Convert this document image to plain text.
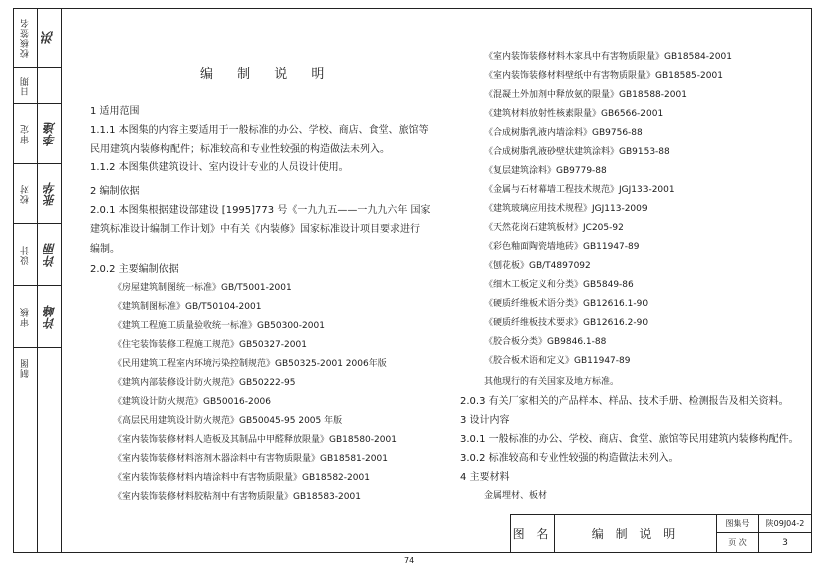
校核签名 洪
日期
审定 李逢
校对 张华
设计 许丽
审核 许峰
制图
编 制 说 明
1 适用范围
1.1.1 本图集的内容主要适用于一般标准的办公、学校、商店、食堂、旅馆等
民用建筑内装修构配件；标准较高和专业性较强的构造做法未列入。
1.1.2 本图集供建筑设计、室内设计专业的人员设计使用。
2 编制依据
2.0.1 本图集根据建设部建设 [1995]773 号《一九九五——一九九六年 国家
建筑标准设计编制工作计划》中有关《内装修》国家标准设计项目要求进行
编制。
2.0.2 主要编制依据
《房屋建筑制图统一标准》GB/T5001-2001
《建筑制图标准》GB/T50104-2001
《建筑工程施工质量验收统一标准》GB50300-2001
《住宅装饰装修工程施工规范》GB50327-2001
《民用建筑工程室内环境污染控制规范》GB50325-2001 2006年版
《建筑内部装修设计防火规范》GB50222-95
《建筑设计防火规范》GB50016-2006
《高层民用建筑设计防火规范》GB50045-95 2005 年版
《室内装饰装修材料人造板及其制品中甲醛释放限量》GB18580-2001
《室内装饰装修材料溶剂木器涂料中有害物质限量》GB18581-2001
《室内装饰装修材料内墙涂料中有害物质限量》GB18582-2001
《室内装饰装修材料胶粘剂中有害物质限量》GB18583-2001
《室内装饰装修材料木家具中有害物质限量》GB18584-2001
《室内装饰装修材料壁纸中有害物质限量》GB18585-2001
《混凝土外加剂中释放氨的限量》GB18588-2001
《建筑材料放射性核素限量》GB6566-2001
《合成树脂乳液内墙涂料》GB9756-88
《合成树脂乳液砂壁状建筑涂料》GB9153-88
《复层建筑涂料》GB9779-88
《金属与石材幕墙工程技术规范》JGJ133-2001
《建筑玻璃应用技术规程》JGJ113-2009
《天然花岗石建筑板材》JC205-92
《彩色釉面陶瓷墙地砖》GB11947-89
《刨花板》GB/T4897092
《细木工板定义和分类》GB5849-86
《硬质纤维板术语分类》GB12616.1-90
《硬质纤维板技术要求》GB12616.2-90
《胶合板分类》GB9846.1-88
《胶合板术语和定义》GB11947-89
其他现行的有关国家及地方标准。
2.0.3 有关厂家相关的产品样本、样品、技术手册、检测报告及相关资料。
3 设计内容
3.0.1 一般标准的办公、学校、商店、食堂、旅馆等民用建筑内装修构配件。
3.0.2 标准较高和专业性较强的构造做法未列入。
4 主要材料
金属埋材、板材
图 名	编 制 说 明
图集号	陕09J04-2
页 次	3
74
